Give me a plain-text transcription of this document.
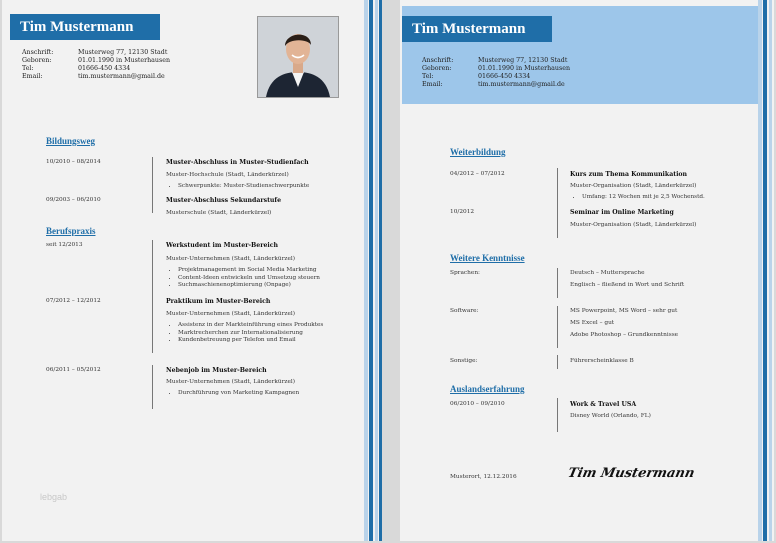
Tim Mustermann
Anschrift:	Musterweg 77, 12130 Stadt
Geboren:	01.01.1990 in Musterhausen
Tel:	01666-450 4334
Email:	tim.mustermann@gmail.de
Bildungsweg
10/2010 – 08/2014	Muster-Abschluss in Muster-Studienfach
Muster-Hochschule (Stadt, Länderkürzel)
• Schwerpunkte: Muster-Studienschwerpunkte
09/2003 – 06/2010	Muster-Abschluss Sekundarstufe
Musterschule (Stadt, Länderkürzel)
Berufspraxis
seit 12/2013	Werkstudent im Muster-Bereich
Muster-Unternehmen (Stadt, Länderkürzel)
• Projektmanagement im Social Media Marketing
• Content-Ideen entwickeln und Umsetzug steuern
• Suchmaschienenoptimierung (Onpage)
07/2012 – 12/2012	Praktikum im Muster-Bereich
Muster-Unternehmen (Stadt, Länderkürzel)
• Assistenz in der Markteinführung eines Produktes
• Marktrecherchen zur Internationalisierung
• Kundenbetreuung per Telefon und Email
06/2011 – 05/2012	Nebenjob im Muster-Bereich
Muster-Unternehmen (Stadt, Länderkürzel)
• Durchführung von Marketing Kampagnen
lebgab
Tim Mustermann
Anschrift:	Musterweg 77, 12130 Stadt
Geboren:	01.01.1990 in Musterhausen
Tel:	01666-450 4334
Email:	tim.mustermann@gmail.de
Weiterbildung
04/2012 – 07/2012	Kurs zum Thema Kommunikation
Muster-Organisation (Stadt, Länderkürzel)
• Umfang: 12 Wochen mit je 2,5 Wochenstd.
10/2012	Seminar im Online Marketing
Muster-Organisation (Stadt, Länderkürzel)
Weitere Kenntnisse
Sprachen:	Deutsch – Muttersprache
Englisch – fließend in Wort und Schrift
Software:	MS Powerpoint, MS Word – sehr gut
MS Excel – gut
Adobe Photoshop – Grundkenntnisse
Sonstige:	Führerscheinklasse B
Auslandserfahrung
06/2010 – 09/2010	Work & Travel USA
Disney World (Orlando, FL)
Musterort, 12.12.2016	Tim Mustermann
